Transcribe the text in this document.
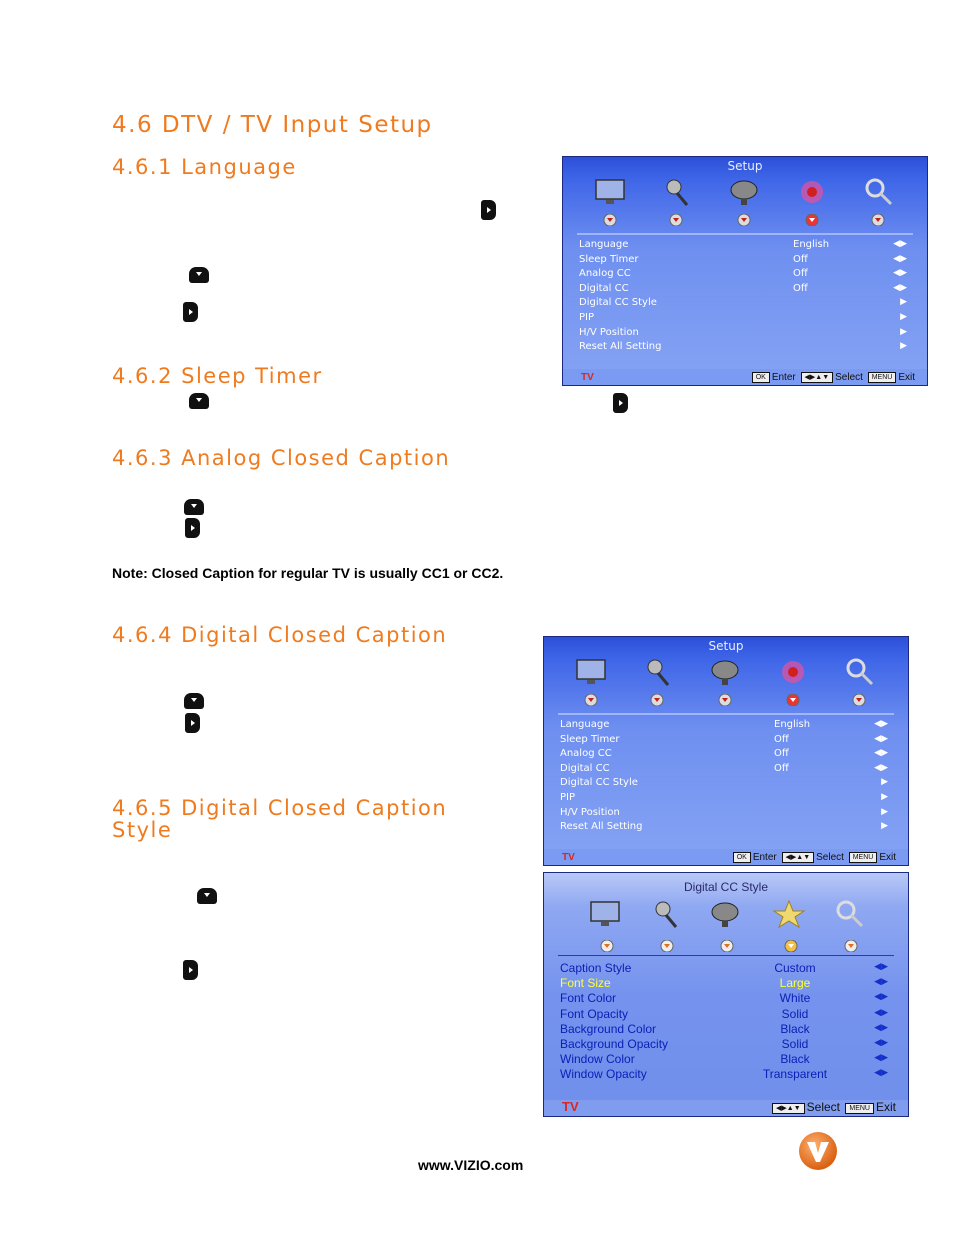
4.6 DTV / TV Input Setup
4.6.1 Language
4.6.2 Sleep Timer
4.6.3 Analog Closed Caption
4.6.4 Digital Closed Caption
4.6.5 Digital Closed Caption
Style
Note: Closed Caption for regular TV is usually CC1 or CC2.
Setup
Language	English	◀▶
Sleep Timer	Off	◀▶
Analog CC	Off	◀▶
Digital CC	Off	◀▶
Digital CC Style	▶
PIP	▶
H/V Position	▶
Reset All Setting	▶
TV	OK Enter ◀▶▲▼ Select MENU Exit
Setup
Language	English	◀▶
Sleep Timer	Off	◀▶
Analog CC	Off	◀▶
Digital CC	Off	◀▶
Digital CC Style	▶
PIP	▶
H/V Position	▶
Reset All Setting	▶
TV	OK Enter ◀▶▲▼ Select MENU Exit
Digital CC Style
Caption Style	Custom	◀▶
Font Size	Large	◀▶
Font Color	White	◀▶
Font Opacity	Solid	◀▶
Background Color	Black	◀▶
Background Opacity	Solid	◀▶
Window Color	Black	◀▶
Window Opacity	Transparent	◀▶
TV	◀▶▲▼ Select MENU Exit
www.VIZIO.com
